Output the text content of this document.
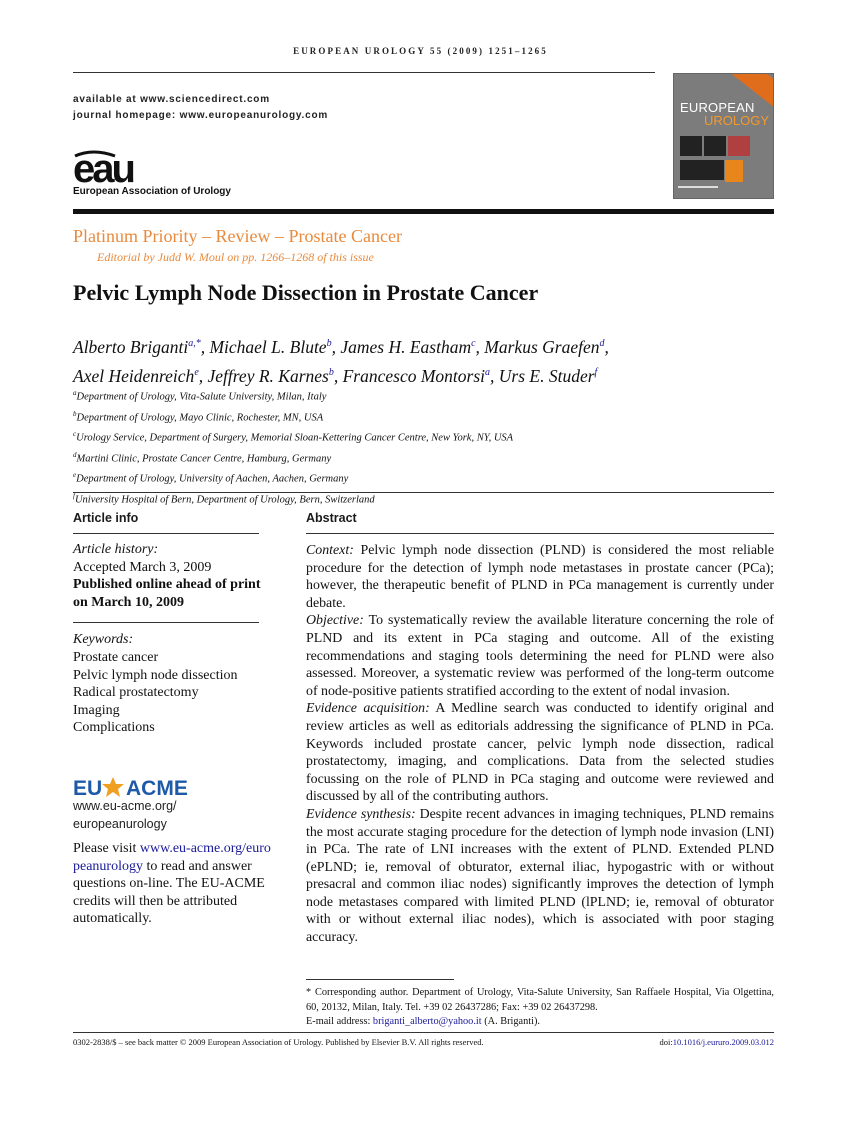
EUROPEAN UROLOGY 55 (2009) 1251–1265
available at www.sciencedirect.com
journal homepage: www.europeanurology.com
eau
European Association of Urology
EUROPEAN
UROLOGY
Platinum Priority – Review – Prostate Cancer
Editorial by Judd W. Moul on pp. 1266–1268 of this issue
Pelvic Lymph Node Dissection in Prostate Cancer
Alberto Briganti$^{a,*}$, Michael L. Blute$^b$, James H. Eastham$^c$, Markus Graefen$^d$,
Axel Heidenreich$^e$, Jeffrey R. Karnes$^b$, Francesco Montorsi$^a$, Urs E. Studer$^f$
$^a$Department of Urology, Vita-Salute University, Milan, Italy
$^b$Department of Urology, Mayo Clinic, Rochester, MN, USA
$^c$Urology Service, Department of Surgery, Memorial Sloan-Kettering Cancer Centre, New York, NY, USA
$^d$Martini Clinic, Prostate Cancer Centre, Hamburg, Germany
$^e$Department of Urology, University of Aachen, Aachen, Germany
$^f$University Hospital of Bern, Department of Urology, Bern, Switzerland
Article info	Abstract
Article history:
Accepted March 3, 2009
Published online ahead of print on March 10, 2009
Keywords:
Prostate cancer
Pelvic lymph node dissection
Radical prostatectomy
Imaging
Complications
EU ACME
www.eu-acme.org/
europeanurology
Please visit www.eu-acme.org/europeanurology to read and answer questions on-line. The EU-ACME credits will then be attributed automatically.
Context: Pelvic lymph node dissection (PLND) is considered the most reliable procedure for the detection of lymph node metastases in prostate cancer (PCa); however, the therapeutic benefit of PLND in PCa management is currently under debate.
Objective: To systematically review the available literature concerning the role of PLND and its extent in PCa staging and outcome. All of the existing recommendations and staging tools determining the need for PLND were also assessed. Moreover, a systematic review was performed of the long-term outcome of node-positive patients stratified according to the extent of nodal invasion.
Evidence acquisition: A Medline search was conducted to identify original and review articles as well as editorials addressing the significance of PLND in PCa. Keywords included prostate cancer, pelvic lymph node dissection, radical prostatectomy, imaging, and complications. Data from the selected studies focussing on the role of PLND in PCa staging and outcome were reviewed and discussed by all of the contributing authors.
Evidence synthesis: Despite recent advances in imaging techniques, PLND remains the most accurate staging procedure for the detection of lymph node invasion (LNI) in PCa. The rate of LNI increases with the extent of PLND. Extended PLND (ePLND; ie, removal of obturator, external iliac, hypogastric with or without presacral and common iliac nodes) significantly improves the detection of lymph node metastases compared with limited PLND (lPLND; ie, removal of obturator with or without external iliac nodes), which is associated with poor staging accuracy.
* Corresponding author. Department of Urology, Vita-Salute University, San Raffaele Hospital, Via Olgettina, 60, 20132, Milan, Italy. Tel. +39 02 26437286; Fax: +39 02 26437298.
E-mail address: briganti_alberto@yahoo.it (A. Briganti).
0302-2838/$ – see back matter © 2009 European Association of Urology. Published by Elsevier B.V. All rights reserved.	doi:10.1016/j.eururo.2009.03.012
